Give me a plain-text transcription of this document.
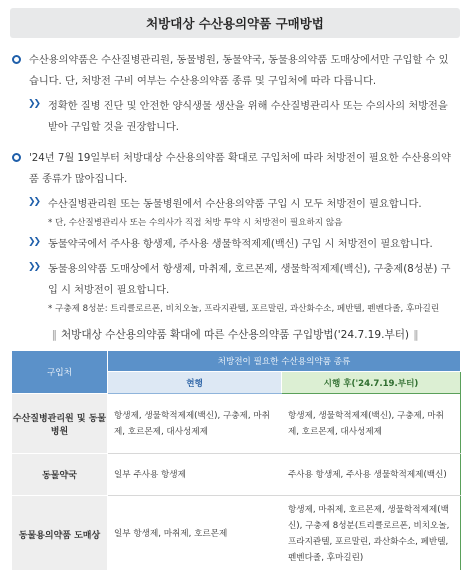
처방대상 수산용의약품 구매방법
수산용의약품은 수산질병관리원, 동물병원, 동물약국, 동물용의약품 도매상에서만 구입할 수 있습니다. 단, 처방전 구비 여부는 수산용의약품 종류 및 구입처에 따라 다릅니다.
❯❯ 정확한 질병 진단 및 안전한 양식생물 생산을 위해 수산질병관리사 또는 수의사의 처방전을 받아 구입할 것을 권장합니다.
'24년 7월 19일부터 처방대상 수산용의약품 확대로 구입처에 따라 처방전이 필요한 수산용의약품 종류가 많아집니다.
❯❯ 수산질병관리원 또는 동물병원에서 수산용의약품 구입 시 모두 처방전이 필요합니다.
* 단, 수산질병관리사 또는 수의사가 직접 처방 투약 시 처방전이 필요하지 않음
❯❯ 동물약국에서 주사용 항생제, 주사용 생물학적제제(백신) 구입 시 처방전이 필요합니다.
❯❯ 동물용의약품 도매상에서 항생제, 마취제, 호르몬제, 생물학적제제(백신), 구충제(8성분) 구입 시 처방전이 필요합니다.
* 구충제 8성분: 트리클로르폰, 비치오놀, 프라지콴텔, 포르말린, 과산화수소, 페반텔, 펜벤다졸, 후마길린
‖ 처방대상 수산용의약품 확대에 따른 수산용의약품 구입방법('24.7.19.부터) ‖
구입처	처방전이 필요한 수산용의약품 종류	
	현행	시행 후('24.7.19.부터)
수산질병관리원 및 동물병원	항생제, 생물학적제제(백신), 구충제, 마취제, 호르몬제, 대사성제제	항생제, 생물학적제제(백신), 구충제, 마취제, 호르몬제, 대사성제제
동물약국	일부 주사용 항생제	주사용 항생제, 주사용 생물학적제제(백신)
동물용의약품 도매상	일부 항생제, 마취제, 호르몬제	항생제, 마취제, 호르몬제, 생물학적제제(백신), 구충제 8성분(트리클로르폰, 비치오놀, 프라지콴텔, 포르말린, 과산화수소, 페반텔, 펜벤다졸, 후마길린)
